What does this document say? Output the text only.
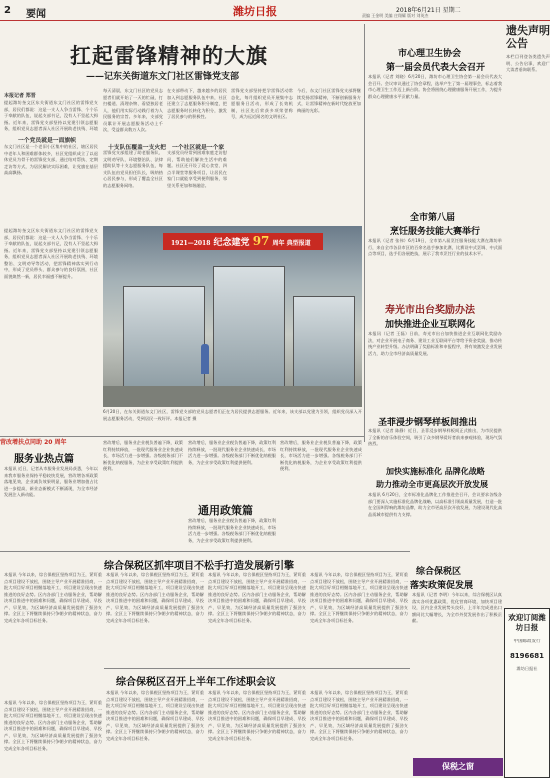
2 要闻	潍坊日报	2018年6月21日 星期二
责编 王金明 美编 庄翔耀 版对 刘英杰
扛起雷锋精神的大旗
——记东关街道东文门社区雷锋党支部
本报记者 郑晋
提起潍坊奎文区东关街道东文门社区的雷锋党支部，居民们都说：这是一支人人争当雷锋、个个乐于奉献的队伍，说起支部书记，没有人不竖起大拇指。近年来，雷锋党支部坚持以党建引领志愿服务，组织党员志愿者深入社区开展助老扶残、环境
一个党员就是一面旗帜
东文门社区是一个老旧小区集中的社区，辖区居民中老年人和困难群体较多，社区党组织成立了以退休党员为骨干的雷锋党支部，通过结对帮扶、定期走访等方式，为居民解决实际困难，让党旗在基层高高飘扬。
每天清晨，东文门社区的党员志愿者们就开始了一天的忙碌，打扫楼道、清理杂物、看望独居老人，他们用实际行动践行着为人民服务的宗旨。多年来，支部党员累计开展志愿服务活动上千次，受益群众数万人次。
十支队伍覆盖一支火把
雷锋党支部组建了助老服务队、文明劝导队、环境整治队、法律援助队等十支志愿服务队伍，每支队伍由党员担任队长，吸纳热心居民参与，形成了覆盖全社区的志愿服务网络。
在支部带动下，越来越多的居民加入到志愿服务队伍中来，社区还建立了志愿服务积分制度，把志愿服务时长转化为积分，激发了居民参与的积极性。
一个社区就是一个家
支部党员经常到困难家庭走访慰问，帮助他们解决生活中的难题。社区还开设了爱心食堂、四点半课堂等服务项目，让居民在家门口就能享受到便利服务，邻里关系更加和谐融洽。
雷锋党支部坚持把学雷锋活动常态化，每月组织党员开展集中志愿服务日活动，形成了长效机制，社区先后荣获多项荣誉称号，成为远近闻名的文明社区。
今后，东文门社区雷锋党支部将继续发扬雷锋精神，不断创新服务方式，让雷锋精神在新时代绽放更加绚丽的光彩。
提起潍坊奎文区东关街道东文门社区的雷锋党支部，居民们都说：这是一支人人争当雷锋、个个乐于奉献的队伍，说起支部书记，没有人不竖起大拇指。近年来，雷锋党支部坚持以党建引领志愿服务，组织党员志愿者深入社区开展助老扶残、环境整治、文明劝导等活动，把雷锋精神落实到行动中，形成了党员带头、群众参与的良好氛围，社区面貌焕然一新，居民幸福感不断提升。
1921—2018 纪念建党 97 周年 典型报道
6月20日，在东关街道东文门社区，雷锋党支部的党员志愿者们正在为居民提供志愿服务。近年来，该支部以党建为引领，组织党员深入开展志愿服务活动，受到居民一致好评。本报记者 摄
市心理卫生协会
第一届会员代表大会召开
本报讯（记者 刘晓）6月20日，潍坊市心理卫生协会第一届会员代表大会召开。会议审议通过了协会章程，选举产生了第一届理事会，标志着我市心理卫生工作迈上新台阶。协会将围绕心理健康服务开展工作，为提升群众心理健康水平贡献力量。
全市第八届
烹饪服务技能大赛举行
本报讯（记者 张伟）6月19日，全市第八届烹饪服务技能大赛在潍坊举行，来自全市各县市区的百余名选手参加比赛，比赛设中式烹调、中式面点等项目，选手们各展绝技，展示了我市烹饪行业的技术水平。
寿光市出台奖励办法
加快推进企业互联网化
本报讯（记者 王磊）日前，寿光市出台加快推进企业互联网化奖励办法，对企业开展电子商务、建设工业互联网平台等给予资金奖励，推动传统产业转型升级。办法明确了奖励标准和申报程序，将有效激发企业发展活力，助力全市经济高质量发展。
圣菲浸步钢琴样板间推出
本报讯（记者 陈静）近日，圣菲浸步钢琴样板间正式推出，为市民提供了全新的音乐体验空间，吸引了众多钢琴爱好者前来参观体验，现场气氛热烈。
加快实施标准化 品牌化战略
助力推动全市更高层次开放发展
本报讯 6月20日，全市标准化品牌化工作推进会召开，会议要求各级各部门要深入实施标准化品牌化战略，以高标准引领高质量发展，打造一批在全国叫得响的潍坊品牌，助力全市更高层次开放发展，为建设现代化高品质城市提供有力支撑。
综合保税区
落实政策促发展
本报讯（记者 李明）今年以来，综合保税区认真落实各项优惠政策，优化营商环境，加快项目建设，区内企业发展势头良好，上半年完成进出口额同比大幅增长，为全市外贸发展作出了积极贡献。
遗失声明公告
本栏目刊登各类遗失声明、公告启事，欢迎广大读者垂询联系。
营改增扶点同助 20 周年
服务业热点篇
本报讯 近日，记者从市服务业发展局获悉，今年以来我市服务业保持平稳较快发展，营改增各项政策落地见效，企业减负效果明显，服务业增加值占比进一步提高，新业态新模式不断涌现，为全市经济发展注入新动能。
营改增后，服务业企业税负普遍下降，政策红利持续释放，一批现代服务业企业快速成长，市场活力进一步增强。各级税务部门不断优化纳税服务，为企业享受政策红利提供便利。
营改增后，服务业企业税负普遍下降，政策红利持续释放，一批现代服务业企业快速成长，市场活力进一步增强。各级税务部门不断优化纳税服务，为企业享受政策红利提供便利。
通用政策篇
营改增后，服务业企业税负普遍下降，政策红利持续释放，一批现代服务业企业快速成长，市场活力进一步增强。各级税务部门不断优化纳税服务，为企业享受政策红利提供便利。
营改增后，服务业企业税负普遍下降，政策红利持续释放，一批现代服务业企业快速成长，市场活力进一步增强。各级税务部门不断优化纳税服务，为企业享受政策红利提供便利。
综合保税区抓牢项目不松手打造发展新引擎
本报讯 今年以来，综合保税区坚持项目为王，紧盯重点项目建设不放松，围绕主导产业开展精准招商，一批大项目好项目相继落地开工，项目建设呈现出快速推进的良好态势。区内各部门主动服务企业，帮助解决项目推进中的困难和问题，确保项目早建成、早投产、早见效，为区域经济高质量发展提供了强劲支撑。全区上下将继续保持只争朝夕的精神状态，奋力完成全年各项目标任务。
本报讯 今年以来，综合保税区坚持项目为王，紧盯重点项目建设不放松，围绕主导产业开展精准招商，一批大项目好项目相继落地开工，项目建设呈现出快速推进的良好态势。区内各部门主动服务企业，帮助解决项目推进中的困难和问题，确保项目早建成、早投产、早见效，为区域经济高质量发展提供了强劲支撑。全区上下将继续保持只争朝夕的精神状态，奋力完成全年各项目标任务。
本报讯 今年以来，综合保税区坚持项目为王，紧盯重点项目建设不放松，围绕主导产业开展精准招商，一批大项目好项目相继落地开工，项目建设呈现出快速推进的良好态势。区内各部门主动服务企业，帮助解决项目推进中的困难和问题，确保项目早建成、早投产、早见效，为区域经济高质量发展提供了强劲支撑。全区上下将继续保持只争朝夕的精神状态，奋力完成全年各项目标任务。
本报讯 今年以来，综合保税区坚持项目为王，紧盯重点项目建设不放松，围绕主导产业开展精准招商，一批大项目好项目相继落地开工，项目建设呈现出快速推进的良好态势。区内各部门主动服务企业，帮助解决项目推进中的困难和问题，确保项目早建成、早投产、早见效，为区域经济高质量发展提供了强劲支撑。全区上下将继续保持只争朝夕的精神状态，奋力完成全年各项目标任务。
综合保税区召开上半年工作述职会议
本报讯 今年以来，综合保税区坚持项目为王，紧盯重点项目建设不放松，围绕主导产业开展精准招商，一批大项目好项目相继落地开工，项目建设呈现出快速推进的良好态势。区内各部门主动服务企业，帮助解决项目推进中的困难和问题，确保项目早建成、早投产、早见效，为区域经济高质量发展提供了强劲支撑。全区上下将继续保持只争朝夕的精神状态，奋力完成全年各项目标任务。
本报讯 今年以来，综合保税区坚持项目为王，紧盯重点项目建设不放松，围绕主导产业开展精准招商，一批大项目好项目相继落地开工，项目建设呈现出快速推进的良好态势。区内各部门主动服务企业，帮助解决项目推进中的困难和问题，确保项目早建成、早投产、早见效，为区域经济高质量发展提供了强劲支撑。全区上下将继续保持只争朝夕的精神状态，奋力完成全年各项目标任务。
本报讯 今年以来，综合保税区坚持项目为王，紧盯重点项目建设不放松，围绕主导产业开展精准招商，一批大项目好项目相继落地开工，项目建设呈现出快速推进的良好态势。区内各部门主动服务企业，帮助解决项目推进中的困难和问题，确保项目早建成、早投产、早见效，为区域经济高质量发展提供了强劲支撑。全区上下将继续保持只争朝夕的精神状态，奋力完成全年各项目标任务。
本报讯 今年以来，综合保税区坚持项目为王，紧盯重点项目建设不放松，围绕主导产业开展精准招商，一批大项目好项目相继落地开工，项目建设呈现出快速推进的良好态势。区内各部门主动服务企业，帮助解决项目推进中的困难和问题，确保项目早建成、早投产、早见效，为区域经济高质量发展提供了强劲支撑。全区上下将继续保持只争朝夕的精神状态，奋力完成全年各项目标任务。
欢迎订阅潍坊日报
中国邮政发行
8196681
潍坊日报社
保税之窗
